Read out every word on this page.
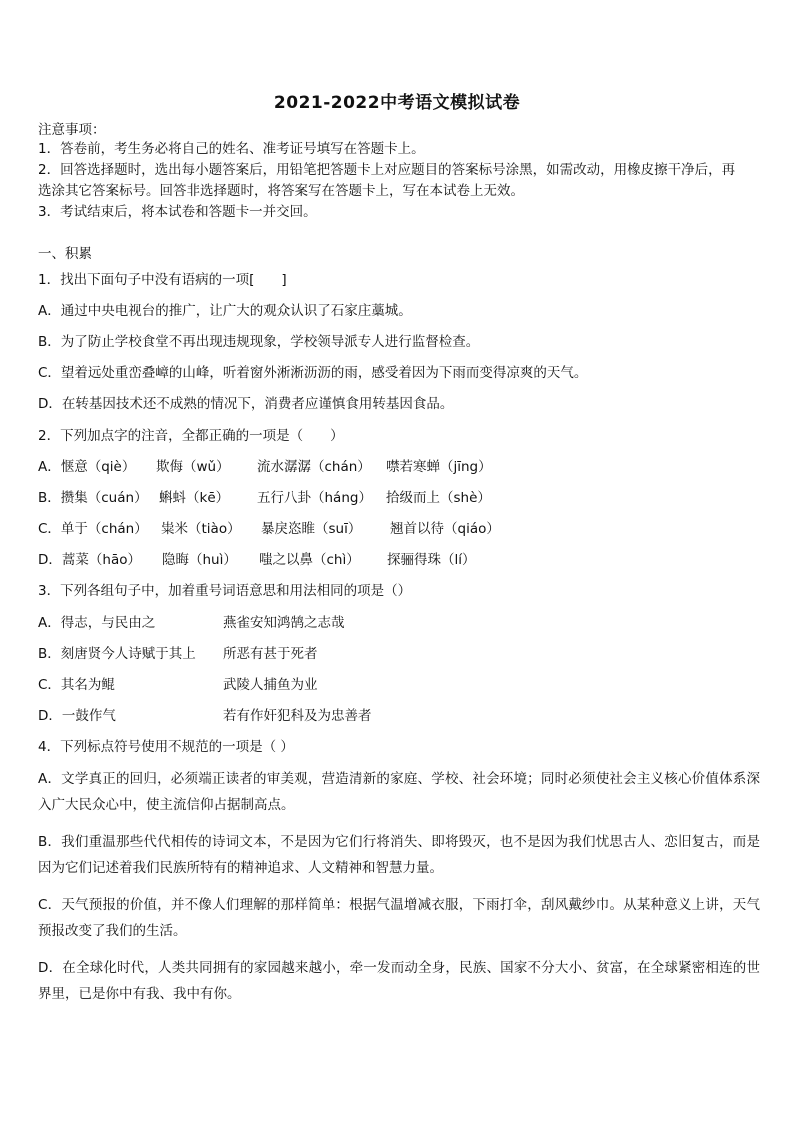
2021-2022中考语文模拟试卷
注意事项：
1．答卷前，考生务必将自己的姓名、准考证号填写在答题卡上。
2．回答选择题时，选出每小题答案后，用铅笔把答题卡上对应题目的答案标号涂黑，如需改动，用橡皮擦干净后，再
选涂其它答案标号。回答非选择题时，将答案写在答题卡上，写在本试卷上无效。
3．考试结束后，将本试卷和答题卡一并交回。
一、积累
1．找出下面句子中没有语病的一项[　　]
A．通过中央电视台的推广，让广大的观众认识了石家庄藁城。
B．为了防止学校食堂不再出现违规现象，学校领导派专人进行监督检查。
C．望着远处重峦叠嶂的山峰，听着窗外淅淅沥沥的雨，感受着因为下雨而变得凉爽的天气。
D．在转基因技术还不成熟的情况下，消费者应谨慎食用转基因食品。
2．下列加点字的注音，全都正确的一项是（　　）
A．惬意（qiè） 欺侮（wǔ） 流水潺潺（chán） 噤若寒蝉（jīng）
B．攒集（cuán） 蝌蚪（kē） 五行八卦（háng） 拾级而上（shè）
C．单于（chán） 粜米（tiào） 暴戾恣睢（suī） 翘首以待（qiáo）
D．蒿菜（hāo） 隐晦（huì） 嗤之以鼻（chì） 探骊得珠（lí）
3．下列各组句子中，加着重号词语意思和用法相同的项是（）
A．得志，与民由之	燕雀安知鸿鹄之志哉
B．刻唐贤今人诗赋于其上 所恶有甚于死者
C．其名为鲲	武陵人捕鱼为业
D．一鼓作气	若有作奸犯科及为忠善者
4．下列标点符号使用不规范的一项是（ ）
A．文学真正的回归，必须端正读者的审美观，营造清新的家庭、学校、社会环境；同时必须使社会主义核心价值体系深入广大民众心中，使主流信仰占据制高点。
B．我们重温那些代代相传的诗词文本，不是因为它们行将消失、即将毁灭，也不是因为我们忧思古人、恋旧复古，而是因为它们记述着我们民族所特有的精神追求、人文精神和智慧力量。
C．天气预报的价值，并不像人们理解的那样简单：根据气温增减衣服，下雨打伞，刮风戴纱巾。从某种意义上讲，天气预报改变了我们的生活。
D．在全球化时代，人类共同拥有的家园越来越小，牵一发而动全身，民族、国家不分大小、贫富，在全球紧密相连的世界里，已是你中有我、我中有你。
